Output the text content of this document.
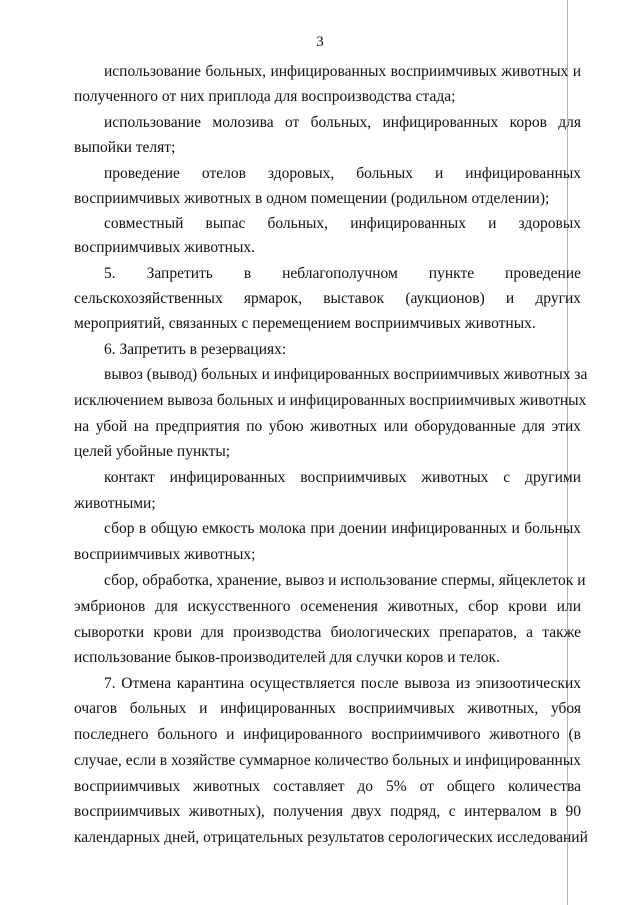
3
использование больных, инфицированных восприимчивых животных и
полученного от них приплода для воспроизводства стада;
использование молозива от больных, инфицированных коров для
выпойки телят;
проведение отелов здоровых, больных и инфицированных
восприимчивых животных в одном помещении (родильном отделении);
совместный выпас больных, инфицированных и здоровых
восприимчивых животных.
5. Запретить в неблагополучном пункте проведение
сельскохозяйственных ярмарок, выставок (аукционов) и других
мероприятий, связанных с перемещением восприимчивых животных.
6. Запретить в резервациях:
вывоз (вывод) больных и инфицированных восприимчивых животных за
исключением вывоза больных и инфицированных восприимчивых животных
на убой на предприятия по убою животных или оборудованные для этих
целей убойные пункты;
контакт инфицированных восприимчивых животных с другими
животными;
сбор в общую емкость молока при доении инфицированных и больных
восприимчивых животных;
сбор, обработка, хранение, вывоз и использование спермы, яйцеклеток и
эмбрионов для искусственного осеменения животных, сбор крови или
сыворотки крови для производства биологических препаратов, а также
использование быков-производителей для случки коров и телок.
7. Отмена карантина осуществляется после вывоза из эпизоотических
очагов больных и инфицированных восприимчивых животных, убоя
последнего больного и инфицированного восприимчивого животного (в
случае, если в хозяйстве суммарное количество больных и инфицированных
восприимчивых животных составляет до 5% от общего количества
восприимчивых животных), получения двух подряд, с интервалом в 90
календарных дней, отрицательных результатов серологических исследований
